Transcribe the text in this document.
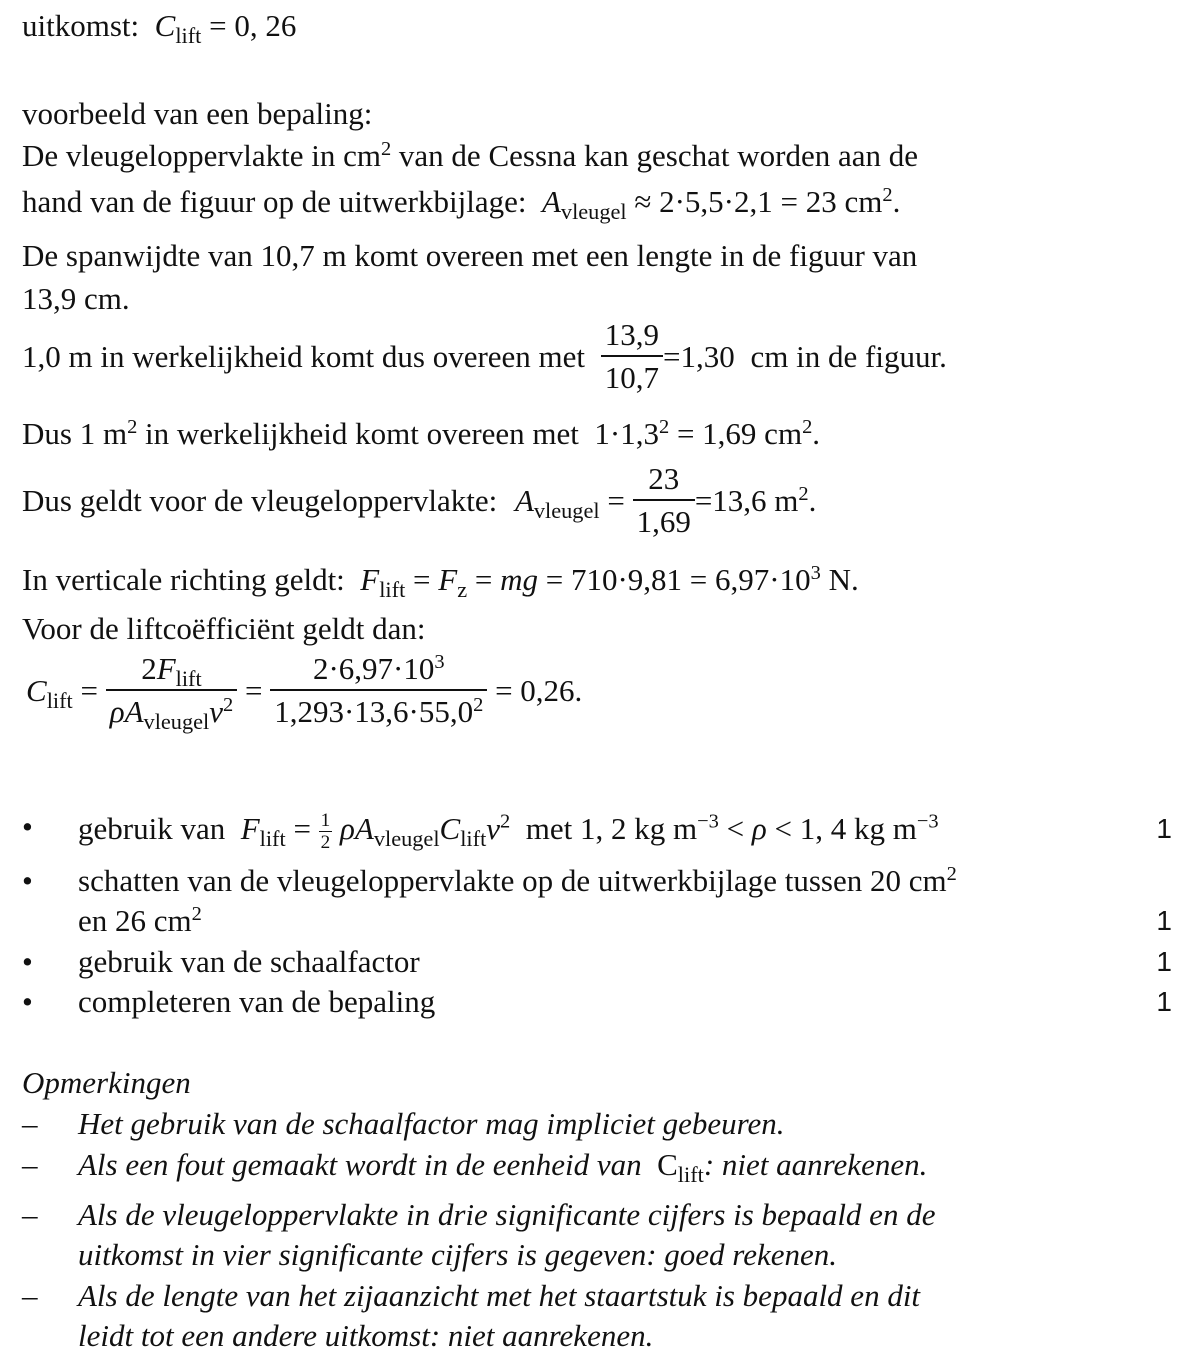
uitkomst: $C_{lift} = 0$, 26
voorbeeld van een bepaling:
De vleugeloppervlakte in $cm^2$ van de Cessna kan geschat worden aan de
hand van de figuur op de uitwerkbijlage: $A_{vleugel} \approx 2\cdot 5,5\cdot 2,1 = 23$ $cm^2$.
De spanwijdte van 10,7 m komt overeen met een lengte in de figuur van
13,9 cm.
1,0 m in werkelijkheid komt dus overeen met $\frac{13,9}{10,7} =1,30$ cm in de figuur.
Dus 1 $m^2$ in werkelijkheid komt overeen met  $1\cdot 1,3^2 = 1,69$ $cm^2$.
Dus geldt voor de vleugeloppervlakte: $A_{vleugel} = \frac{23}{1,69} =13,6$ $m^2$.
In verticale richting geldt: $F_{lift} = F_z$ = mg = $710\cdot 9,81 = 6,97\cdot 10^3$ N.
Voor de liftcoëfficiënt geldt dan:
$C_{lift} = \frac{2F_{lift}}{\rho A_{vleugel}v^2} = \frac{2\cdot 6,97\cdot 10^3}{1,293\cdot 13,6\cdot 55,0^2} = 0,26$.
• gebruik van  $F_{lift} = \frac{1}{2} \rho A_{vleugel}C_{lift}v^2$  met 1, 2 kg $m^{-3} < \rho < 1$, 4 kg $m^{-3}$	1
• schatten van de vleugeloppervlakte op de uitwerkbijlage tussen 20 $cm^2$
en 26 $cm^2$	1
• gebruik van de schaalfactor	1
• completeren van de bepaling	1
Opmerkingen
– Het gebruik van de schaalfactor mag impliciet gebeuren.
– Als een fout gemaakt wordt in de eenheid van  $C_{lift}$: niet aanrekenen.
– Als de vleugeloppervlakte in drie significante cijfers is bepaald en de
uitkomst in vier significante cijfers is gegeven: goed rekenen.
– Als de lengte van het zijaanzicht met het staartstuk is bepaald en dit
leidt tot een andere uitkomst: niet aanrekenen.
